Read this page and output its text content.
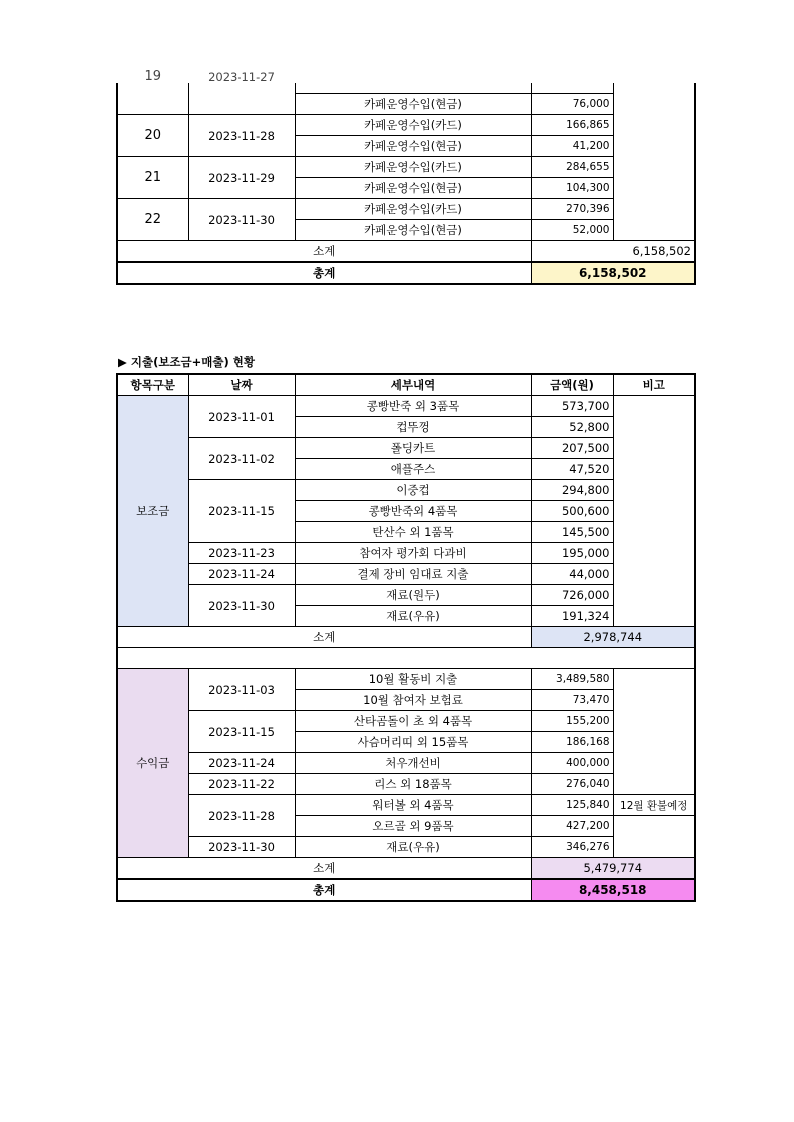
19	2023-11-27			
		카페운영수입(현금)	76,000	
20	2023-11-28	카페운영수입(카드)	166,865	
		카페운영수입(현금)	41,200	
21	2023-11-29	카페운영수입(카드)	284,655	
		카페운영수입(현금)	104,300	
22	2023-11-30	카페운영수입(카드)	270,396	
		카페운영수입(현금)	52,000	
소계			6,158,502	
총계			6,158,502	
▶ 지출(보조금+매출) 현황
항목구분	날짜	세부내역	금액(원)	비고
보조금	2023-11-01	콩빵반죽 외 3품목	573,700	
		컵뚜껑	52,800	
	2023-11-02	폴딩카트	207,500	
		애플주스	47,520	
	2023-11-15	이중컵	294,800	
		콩빵반죽외 4품목	500,600	
		탄산수 외 1품목	145,500	
	2023-11-23	참여자 평가회 다과비	195,000	
	2023-11-24	결제 장비 임대료 지출	44,000	
	2023-11-30	재료(원두)	726,000	
		재료(우유)	191,324	
소계			2,978,744	

수익금	2023-11-03	10월 활동비 지출	3,489,580	
		10월 참여자 보험료	73,470	
	2023-11-15	산타곰돌이 초 외 4품목	155,200	
		사슴머리띠 외 15품목	186,168	
	2023-11-24	처우개선비	400,000	
	2023-11-22	리스 외 18품목	276,040	
	2023-11-28	워터볼 외 4품목	125,840	12월 환불예정
		오르골 외 9품목	427,200	
	2023-11-30	재료(우유)	346,276	
소계			5,479,774	
총계			8,458,518	
